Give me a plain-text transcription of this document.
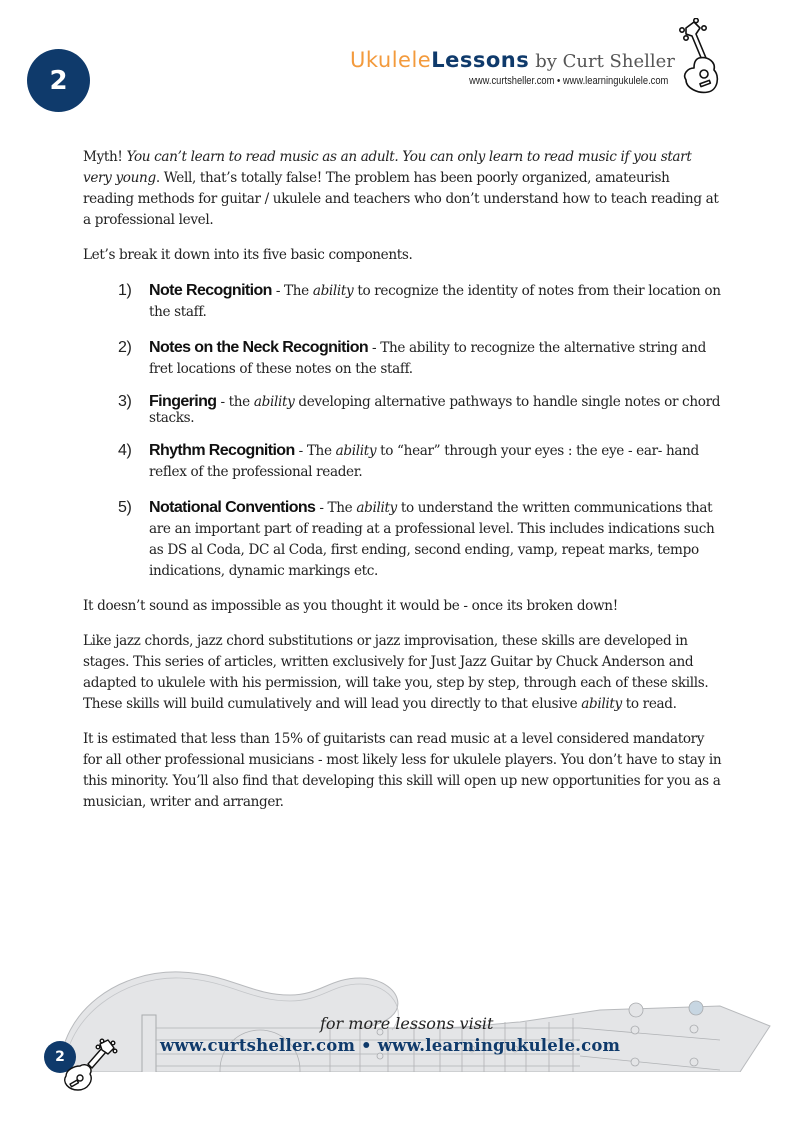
2
UkuleleLessons by Curt Sheller
www.curtsheller.com • www.learningukulele.com

Myth! You can’t learn to read music as an adult. You can only learn to read music if you start very young. Well, that’s totally false! The problem has been poorly organized, amateurish reading methods for guitar / ukulele and teachers who don’t understand how to teach reading at a professional level.

Let’s break it down into its five basic components.

1) Note Recognition - The ability to recognize the identity of notes from their location on the staff.
2) Notes on the Neck Recognition - The ability to recognize the alternative string and fret locations of these notes on the staff.
3) Fingering - the ability developing alternative pathways to handle single notes or chord stacks.
4) Rhythm Recognition - The ability to “hear” through your eyes : the eye - ear- hand reflex of the professional reader.
5) Notational Conventions - The ability to understand the written communications that are an important part of reading at a professional level. This includes indications such as DS al Coda, DC al Coda, first ending, second ending, vamp, repeat marks, tempo indications, dynamic markings etc.

It doesn’t sound as impossible as you thought it would be - once its broken down!

Like jazz chords, jazz chord substitutions or jazz improvisation, these skills are developed in stages. This series of articles, written exclusively for Just Jazz Guitar by Chuck Anderson and adapted to ukulele with his permission, will take you, step by step, through each of these skills. These skills will build cumulatively and will lead you directly to that elusive ability to read.

It is estimated that less than 15% of guitarists can read music at a level considered mandatory for all other professional musicians - most likely less for ukulele players. You don’t have to stay in this minority. You’ll also find that developing this skill will open up new opportunities for you as a musician, writer and arranger.

for more lessons visit
www.curtsheller.com • www.learningukulele.com
2
